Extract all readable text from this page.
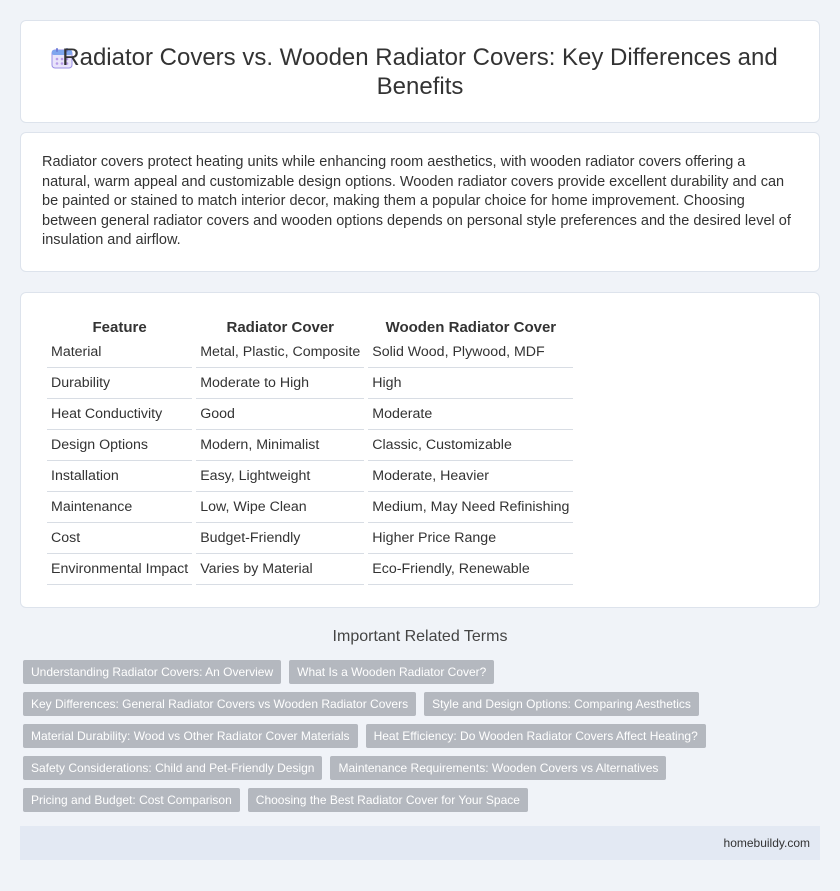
Radiator Covers vs. Wooden Radiator Covers: Key Differences and Benefits

Radiator covers protect heating units while enhancing room aesthetics, with wooden radiator covers offering a natural, warm appeal and customizable design options. Wooden radiator covers provide excellent durability and can be painted or stained to match interior decor, making them a popular choice for home improvement. Choosing between general radiator covers and wooden options depends on personal style preferences and the desired level of insulation and airflow.

Feature	Radiator Cover	Wooden Radiator Cover
Material	Metal, Plastic, Composite	Solid Wood, Plywood, MDF
Durability	Moderate to High	High
Heat Conductivity	Good	Moderate
Design Options	Modern, Minimalist	Classic, Customizable
Installation	Easy, Lightweight	Moderate, Heavier
Maintenance	Low, Wipe Clean	Medium, May Need Refinishing
Cost	Budget-Friendly	Higher Price Range
Environmental Impact	Varies by Material	Eco-Friendly, Renewable
Important Related Terms
Understanding Radiator Covers: An Overview	What Is a Wooden Radiator Cover?
Key Differences: General Radiator Covers vs Wooden Radiator Covers	Style and Design Options: Comparing Aesthetics
Material Durability: Wood vs Other Radiator Cover Materials	Heat Efficiency: Do Wooden Radiator Covers Affect Heating?
Safety Considerations: Child and Pet-Friendly Design	Maintenance Requirements: Wooden Covers vs Alternatives
Pricing and Budget: Cost Comparison	Choosing the Best Radiator Cover for Your Space
homebuildy.com
